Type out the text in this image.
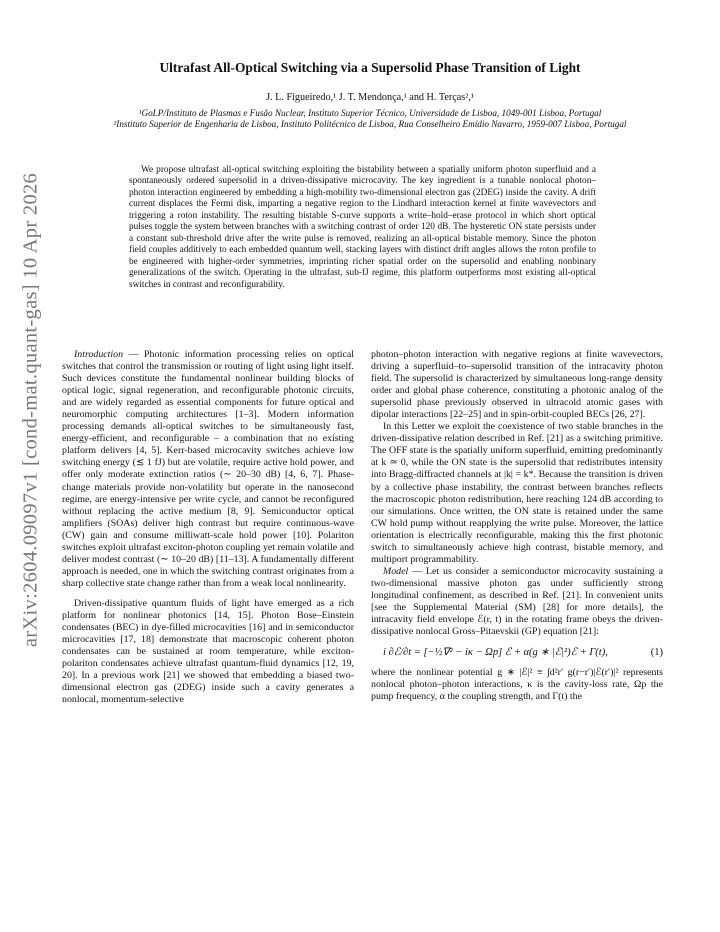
arXiv:2604.09097v1 [cond-mat.quant-gas] 10 Apr 2026
Ultrafast All-Optical Switching via a Supersolid Phase Transition of Light
J. L. Figueiredo,¹ J. T. Mendonça,¹ and H. Terças²,¹

¹GoLP/Instituto de Plasmas e Fusão Nuclear, Instituto Superior Técnico, Universidade de Lisboa, 1049-001 Lisboa, Portugal

²Instituto Superior de Engenharia de Lisboa, Instituto Politécnico de Lisboa, Rua Conselheiro Emídio Navarro, 1959-007 Lisboa, Portugal

We propose ultrafast all-optical switching exploiting the bistability between a spatially uniform photon superfluid and a spontaneously ordered supersolid in a driven-dissipative microcavity. The key ingredient is a tunable nonlocal photon–photon interaction engineered by embedding a high-mobility two-dimensional electron gas (2DEG) inside the cavity. A drift current displaces the Fermi disk, imparting a negative region to the Lindhard interaction kernel at finite wavevectors and triggering a roton instability. The resulting bistable S-curve supports a write–hold–erase protocol in which short optical pulses toggle the system between branches with a switching contrast of order 120 dB. The hysteretic ON state persists under a constant sub-threshold drive after the write pulse is removed, realizing an all-optical bistable memory. Since the photon field couples additively to each embedded quantum well, stacking layers with distinct drift angles allows the roton profile to be engineered with higher-order symmetries, imprinting richer spatial order on the supersolid and enabling nonbinary generalizations of the switch. Operating in the ultrafast, sub-fJ regime, this platform outperforms most existing all-optical switches in contrast and reconfigurability.

Introduction — Photonic information processing relies on optical switches that control the transmission or routing of light using light itself. Such devices constitute the fundamental nonlinear building blocks of optical logic, signal regeneration, and reconfigurable photonic circuits, and are widely regarded as essential components for future optical and neuromorphic computing architectures [1–3]. Modern information processing demands all-optical switches to be simultaneously fast, energy-efficient, and reconfigurable – a combination that no existing platform delivers [4, 5]. Kerr-based microcavity switches achieve low switching energy (≲ 1 fJ) but are volatile, require active hold power, and offer only moderate extinction ratios (∼ 20–30 dB) [4, 6, 7]. Phase-change materials provide non-volatility but operate in the nanosecond regime, are energy-intensive per write cycle, and cannot be reconfigured without replacing the active medium [8, 9]. Semiconductor optical amplifiers (SOAs) deliver high contrast but require continuous-wave (CW) gain and consume milliwatt-scale hold power [10]. Polariton switches exploit ultrafast exciton-photon coupling yet remain volatile and deliver modest contrast (∼ 10–20 dB) [11–13]. A fundamentally different approach is needed, one in which the switching contrast originates from a sharp collective state change rather than from a weak local nonlinearity.

Driven-dissipative quantum fluids of light have emerged as a rich platform for nonlinear photonics [14, 15]. Photon Bose–Einstein condensates (BEC) in dye-filled microcavities [16] and in semiconductor microcavities [17, 18] demonstrate that macroscopic coherent photon condensates can be sustained at room temperature, while exciton-polariton condensates achieve ultrafast quantum-fluid dynamics [12, 19, 20]. In a previous work [21] we showed that embedding a biased two-dimensional electron gas (2DEG) inside such a cavity generates a nonlocal, momentum-selective

photon–photon interaction with negative regions at finite wavevectors, driving a superfluid–to–supersolid transition of the intracavity photon field. The supersolid is characterized by simultaneous long-range density order and global phase coherence, constituting a photonic analog of the supersolid phase previously observed in ultracold atomic gases with dipolar interactions [22–25] and in spin-orbit-coupled BECs [26, 27].

In this Letter we exploit the coexistence of two stable branches in the driven-dissipative relation described in Ref. [21] as a switching primitive. The OFF state is the spatially uniform superfluid, emitting predominantly at k ≃ 0, while the ON state is the supersolid that redistributes intensity into Bragg-diffracted channels at |k| = k*. Because the transition is driven by a collective phase instability, the contrast between branches reflects the macroscopic photon redistribution, here reaching 124 dB according to our simulations. Once written, the ON state is retained under the same CW hold pump without reapplying the write pulse. Moreover, the lattice orientation is electrically reconfigurable, making this the first photonic switch to simultaneously achieve high contrast, bistable memory, and multiport programmability.

Model — Let us consider a semiconductor microcavity sustaining a two-dimensional massive photon gas under sufficiently strong longitudinal confinement, as described in Ref. [21]. In convenient units [see the Supplemental Material (SM) [28] for more details], the intracavity field envelope ℰ(r, t) in the rotating frame obeys the driven-dissipative nonlocal Gross–Pitaevskii (GP) equation [21]:

i ∂ℰ/∂t = [−½∇² − iκ − Ωp] ℰ + α(g ∗ |ℰ|²)ℰ + Γ(t),	(1)

where the nonlinear potential g ∗ |ℰ|² ≡ ∫d²r′ g(r−r′)|ℰ(r′)|² represents nonlocal photon–photon interactions, κ is the cavity-loss rate, Ωp the pump frequency, α the coupling strength, and Γ(t) the
